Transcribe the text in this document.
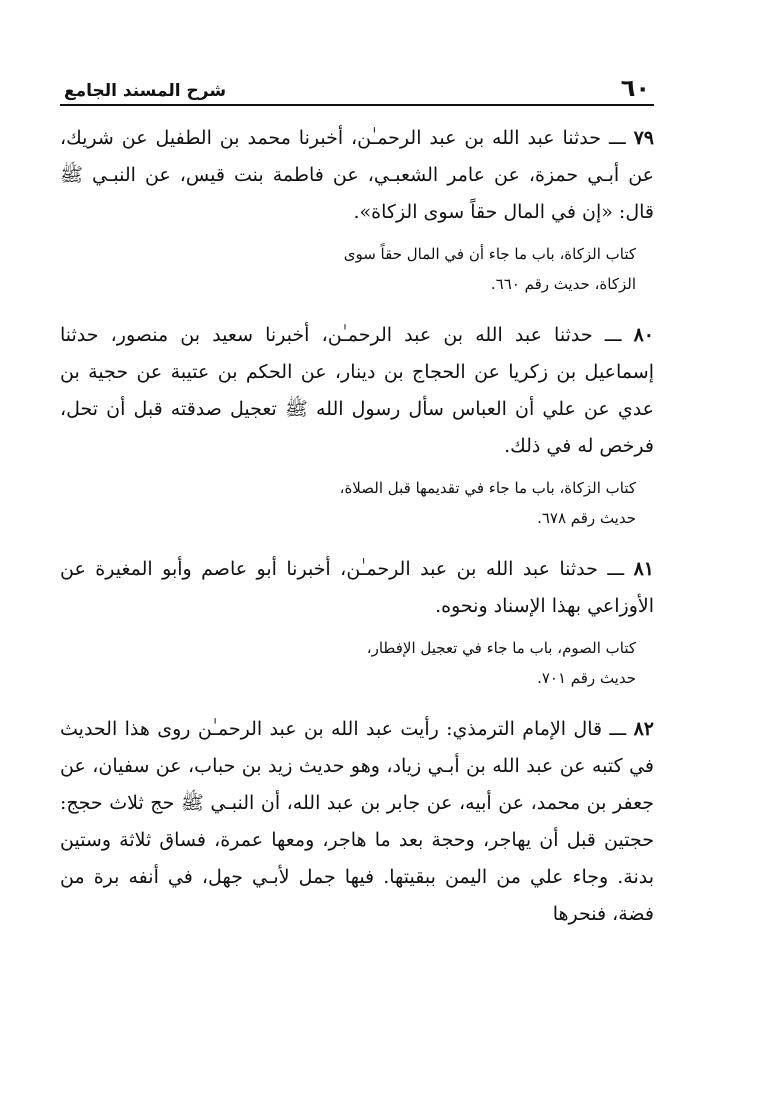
٦٠
شرح المسند الجامع

٧٩ ـــ حدثنا عبد الله بن عبد الرحمـٰن، أخبرنا محمد بن الطفيل عن شريك، عن أبـي حمزة، عن عامر الشعبـي، عن فاطمة بنت قيس، عن النبـي ﷺ قال: «إن في المال حقاً سوى الزكاة».

كتاب الزكاة، باب ما جاء أن في المال حقاً سوى
الزكاة، حديث رقم ٦٦٠.

٨٠ ـــ حدثنا عبد الله بن عبد الرحمـٰن، أخبرنا سعيد بن منصور، حدثنا إسماعيل بن زكريا عن الحجاج بن دينار، عن الحكم بن عتيبة عن حجية بن عدي عن علي أن العباس سأل رسول الله ﷺ تعجيل صدقته قبل أن تحل، فرخص له في ذلك.

كتاب الزكاة، باب ما جاء في تقديمها قبل الصلاة،
حديث رقم ٦٧٨.

٨١ ـــ حدثنا عبد الله بن عبد الرحمـٰن، أخبرنا أبو عاصم وأبو المغيرة عن الأوزاعي بهذا الإسناد ونحوه.

كتاب الصوم، باب ما جاء في تعجيل الإفطار،
حديث رقم ٧٠١.

٨٢ ـــ قال الإمام الترمذي: رأيت عبد الله بن عبد الرحمـٰن روى هذا الحديث في كتبه عن عبد الله بن أبـي زياد، وهو حديث زيد بن حباب، عن سفيان، عن جعفر بن محمد، عن أبيه، عن جابر بن عبد الله، أن النبـي ﷺ حج ثلاث حجج: حجتين قبل أن يهاجر، وحجة بعد ما هاجر، ومعها عمرة، فساق ثلاثة وستين بدنة. وجاء علي من اليمن ببقيتها. فيها جمل لأبـي جهل، في أنفه برة من فضة، فنحرها
